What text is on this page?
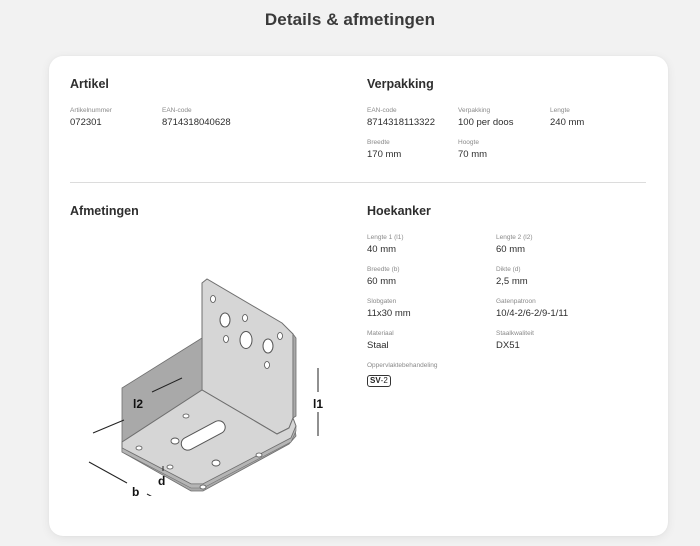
Details & afmetingen
Artikel
Artikelnummer
072301
EAN-code
8714318040628
Verpakking
EAN-code
8714318113322
Verpakking
100 per doos
Lengte
240 mm
Breedte
170 mm
Hoogte
70 mm
Afmetingen
l2	l1
b
d
Hoekanker
Lengte 1 (l1)
40 mm
Lengte 2 (l2)
60 mm
Breedte (b)
60 mm
Dikte (d)
2,5 mm
Slobgaten
11x30 mm
Gatenpatroon
10/4-2/6-2/9-1/11
Materiaal
Staal
Staalkwaliteit
DX51
Oppervlaktebehandeling
SV-2
